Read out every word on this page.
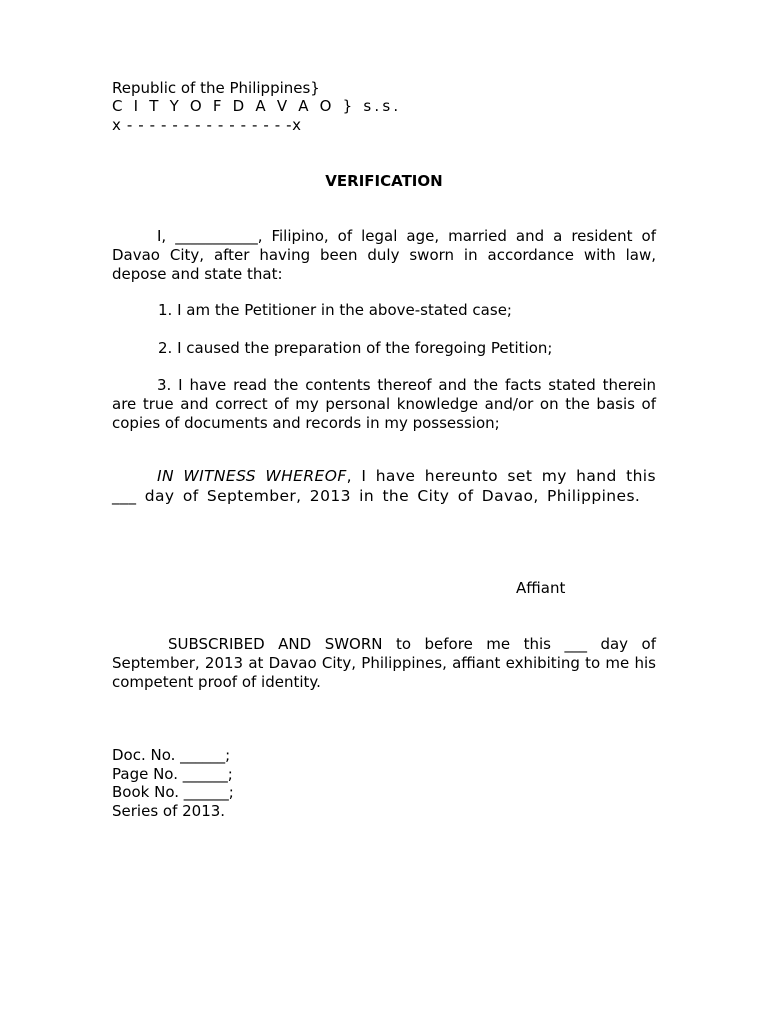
Republic of the Philippines}
C I T Y O F D A V A O } s.s.
x - - - - - - - - - - - - - - -x
VERIFICATION
I, ___________, Filipino, of legal age, married and a resident of Davao City, after having been duly sworn in accordance with law, depose and state that:
1. I am the Petitioner in the above-stated case;
2. I caused the preparation of the foregoing Petition;
3. I have read the contents thereof and the facts stated therein are true and correct of my personal knowledge and/or on the basis of copies of documents and records in my possession;
IN WITNESS WHEREOF, I have hereunto set my hand this ___ day of September, 2013 in the City of Davao, Philippines.
Affiant
SUBSCRIBED AND SWORN to before me this ___ day of September, 2013 at Davao City, Philippines, affiant exhibiting to me his competent proof of identity.
Doc. No. ______;
Page No. ______;
Book No. ______;
Series of 2013.
